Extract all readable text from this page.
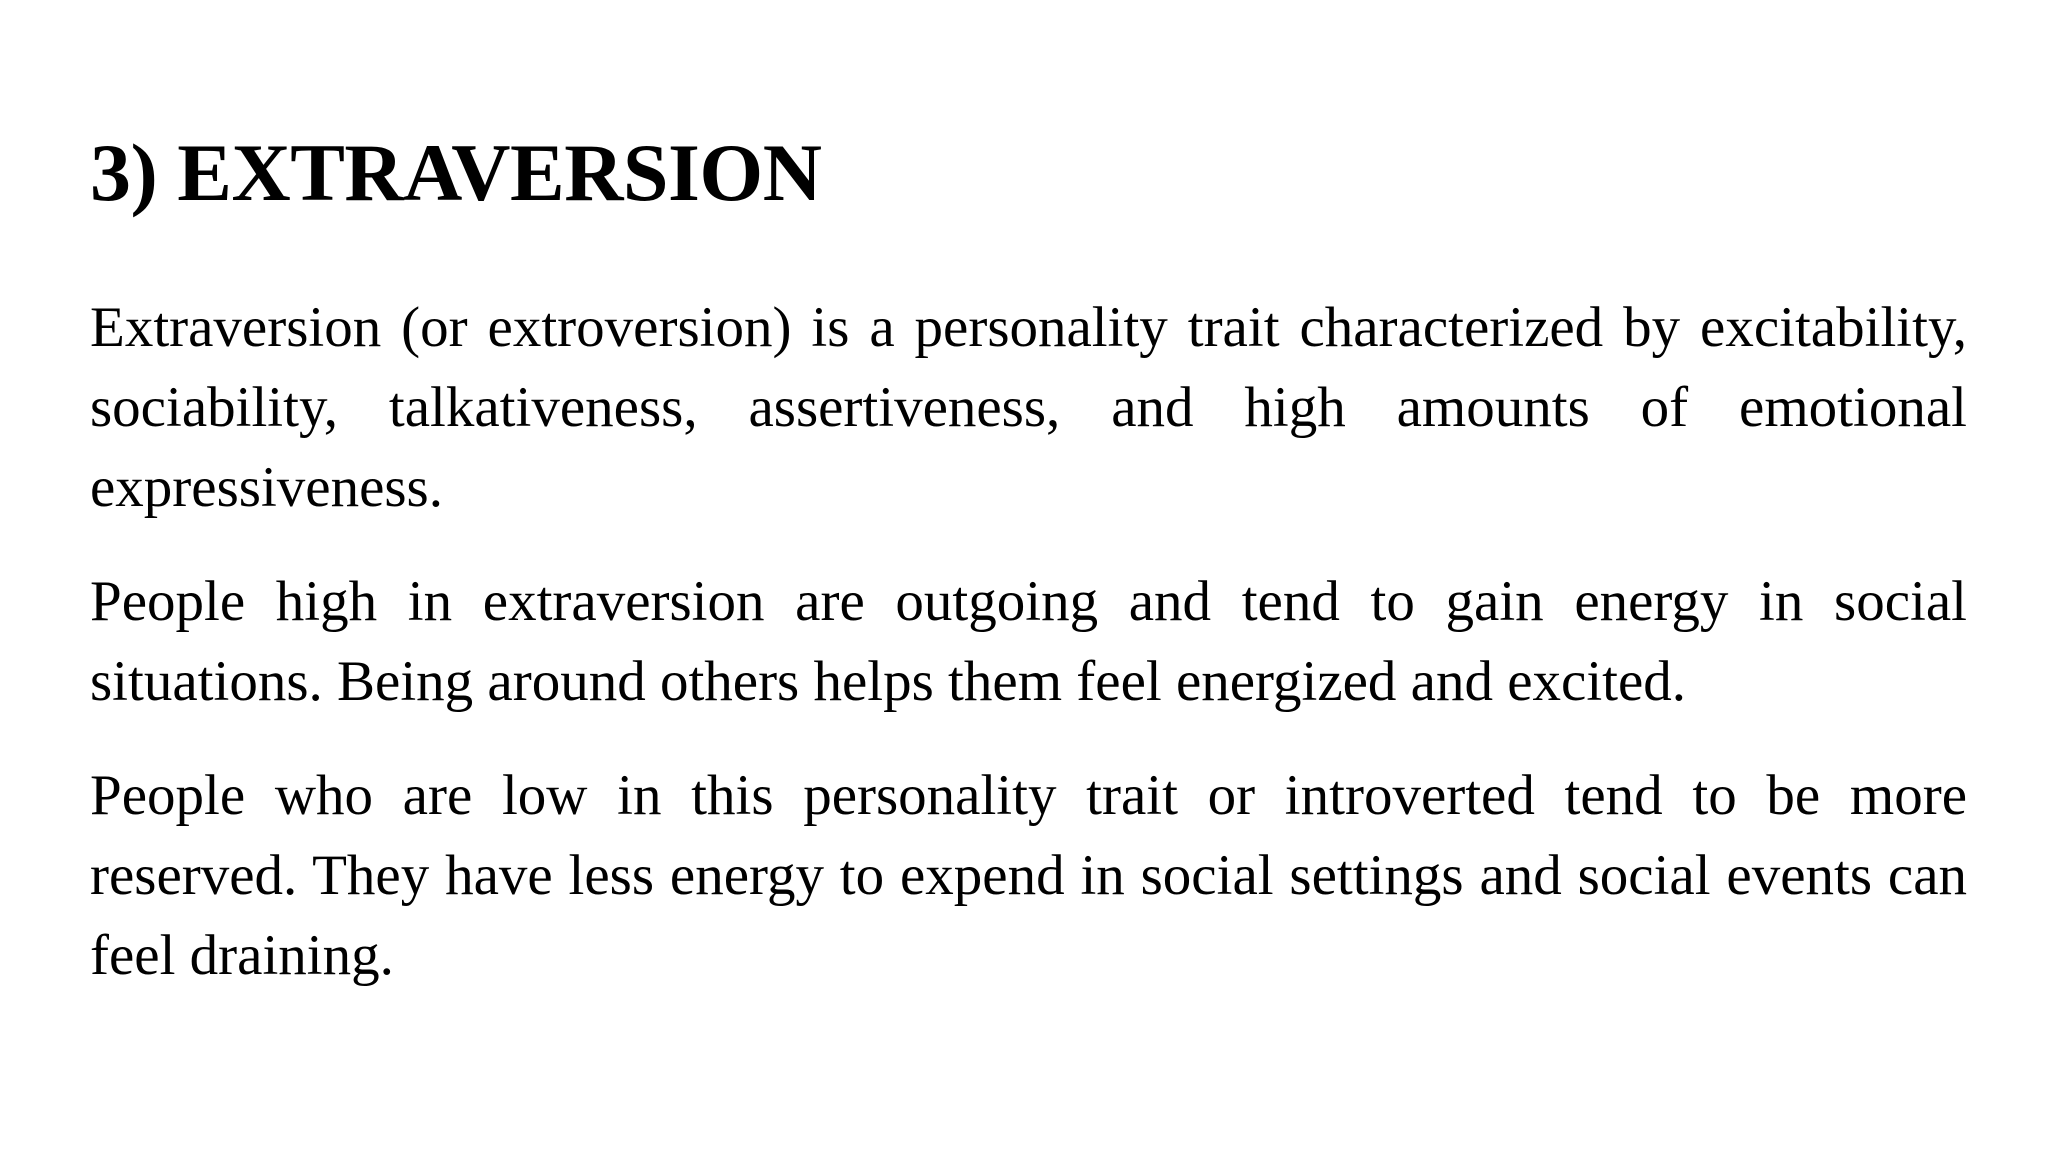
3) EXTRAVERSION

Extraversion (or extroversion) is a personality trait characterized by excitability, sociability, talkativeness, assertiveness, and high amounts of emotional expressiveness.

People high in extraversion are outgoing and tend to gain energy in social situations. Being around others helps them feel energized and excited.

People who are low in this personality trait or introverted tend to be more reserved. They have less energy to expend in social settings and social events can feel draining.
